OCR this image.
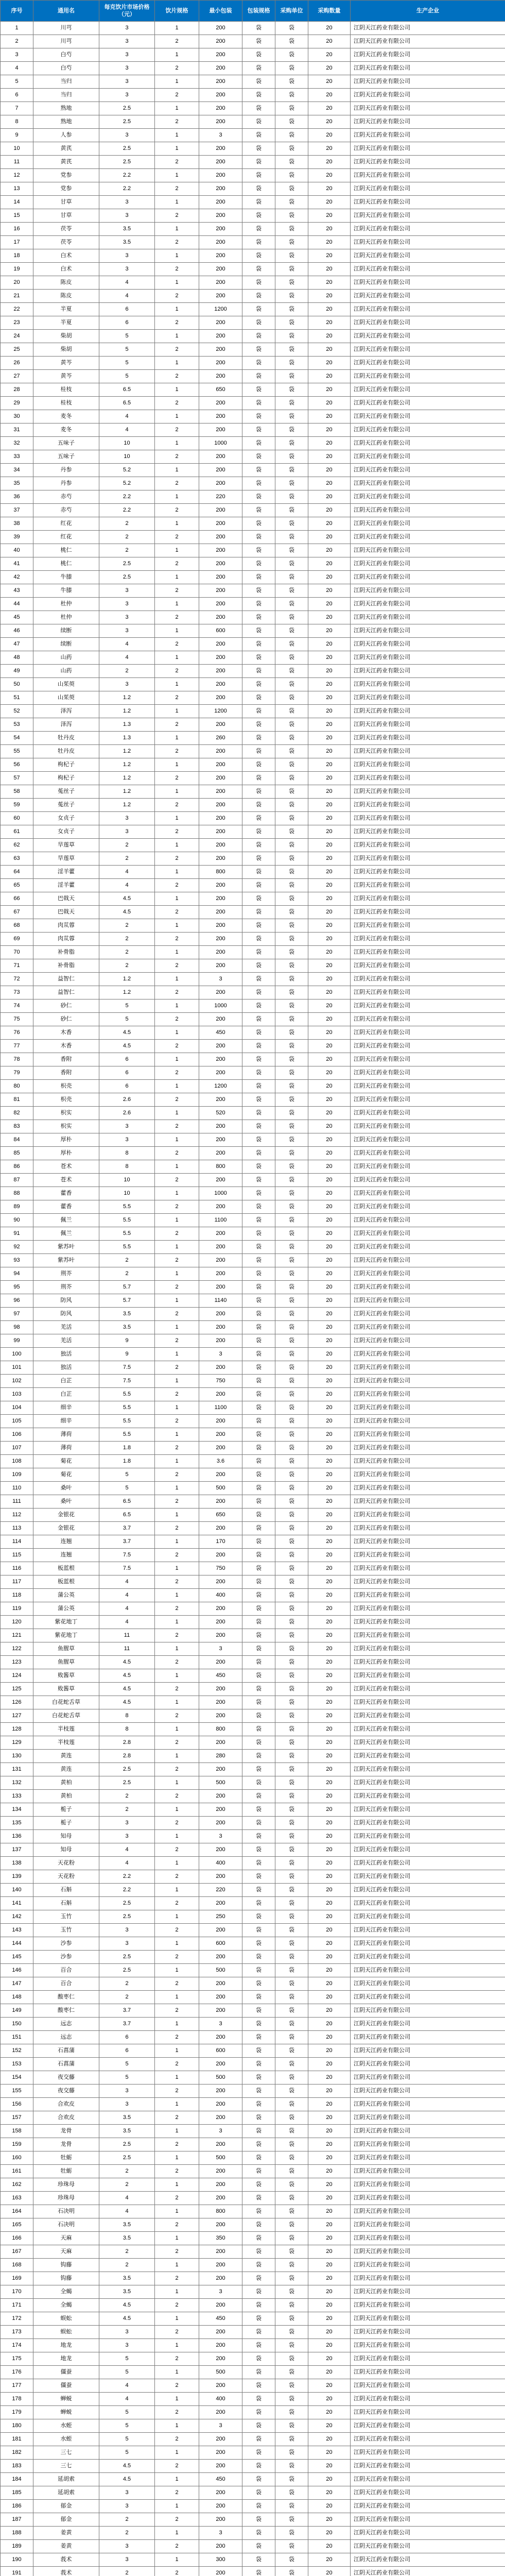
序号	通用名	每克饮片市场价格（元）	饮片规格	最小包装	包装规格	采购单位	采购数量	生产企业
1	川芎	3	1	200	袋	袋	20	江阴天江药业有限公司
2	川芎	3	2	200	袋	袋	20	江阴天江药业有限公司
3	白芍	3	1	200	袋	袋	20	江阴天江药业有限公司
4	白芍	3	2	200	袋	袋	20	江阴天江药业有限公司
5	当归	3	1	200	袋	袋	20	江阴天江药业有限公司
6	当归	3	2	200	袋	袋	20	江阴天江药业有限公司
7	熟地	2.5	1	200	袋	袋	20	江阴天江药业有限公司
8	熟地	2.5	2	200	袋	袋	20	江阴天江药业有限公司
9	人参	3	1	3	袋	袋	20	江阴天江药业有限公司
10	黄芪	2.5	1	200	袋	袋	20	江阴天江药业有限公司
11	黄芪	2.5	2	200	袋	袋	20	江阴天江药业有限公司
12	党参	2.2	1	200	袋	袋	20	江阴天江药业有限公司
13	党参	2.2	2	200	袋	袋	20	江阴天江药业有限公司
14	甘草	3	1	200	袋	袋	20	江阴天江药业有限公司
15	甘草	3	2	200	袋	袋	20	江阴天江药业有限公司
16	茯苓	3.5	1	200	袋	袋	20	江阴天江药业有限公司
17	茯苓	3.5	2	200	袋	袋	20	江阴天江药业有限公司
18	白术	3	1	200	袋	袋	20	江阴天江药业有限公司
19	白术	3	2	200	袋	袋	20	江阴天江药业有限公司
20	陈皮	4	1	200	袋	袋	20	江阴天江药业有限公司
21	陈皮	4	2	200	袋	袋	20	江阴天江药业有限公司
22	半夏	6	1	1200	袋	袋	20	江阴天江药业有限公司
23	半夏	6	2	200	袋	袋	20	江阴天江药业有限公司
24	柴胡	5	1	200	袋	袋	20	江阴天江药业有限公司
25	柴胡	5	2	200	袋	袋	20	江阴天江药业有限公司
26	黄芩	5	1	200	袋	袋	20	江阴天江药业有限公司
27	黄芩	5	2	200	袋	袋	20	江阴天江药业有限公司
28	桂枝	6.5	1	650	袋	袋	20	江阴天江药业有限公司
29	桂枝	6.5	2	200	袋	袋	20	江阴天江药业有限公司
30	麦冬	4	1	200	袋	袋	20	江阴天江药业有限公司
31	麦冬	4	2	200	袋	袋	20	江阴天江药业有限公司
32	五味子	10	1	1000	袋	袋	20	江阴天江药业有限公司
33	五味子	10	2	200	袋	袋	20	江阴天江药业有限公司
34	丹参	5.2	1	200	袋	袋	20	江阴天江药业有限公司
35	丹参	5.2	2	200	袋	袋	20	江阴天江药业有限公司
36	赤芍	2.2	1	220	袋	袋	20	江阴天江药业有限公司
37	赤芍	2.2	2	200	袋	袋	20	江阴天江药业有限公司
38	红花	2	1	200	袋	袋	20	江阴天江药业有限公司
39	红花	2	2	200	袋	袋	20	江阴天江药业有限公司
40	桃仁	2	1	200	袋	袋	20	江阴天江药业有限公司
41	桃仁	2.5	2	200	袋	袋	20	江阴天江药业有限公司
42	牛膝	2.5	1	200	袋	袋	20	江阴天江药业有限公司
43	牛膝	3	2	200	袋	袋	20	江阴天江药业有限公司
44	杜仲	3	1	200	袋	袋	20	江阴天江药业有限公司
45	杜仲	3	2	200	袋	袋	20	江阴天江药业有限公司
46	续断	3	1	600	袋	袋	20	江阴天江药业有限公司
47	续断	4	2	200	袋	袋	20	江阴天江药业有限公司
48	山药	4	1	200	袋	袋	20	江阴天江药业有限公司
49	山药	2	2	200	袋	袋	20	江阴天江药业有限公司
50	山茱萸	3	1	200	袋	袋	20	江阴天江药业有限公司
51	山茱萸	1.2	2	200	袋	袋	20	江阴天江药业有限公司
52	泽泻	1.2	1	1200	袋	袋	20	江阴天江药业有限公司
53	泽泻	1.3	2	200	袋	袋	20	江阴天江药业有限公司
54	牡丹皮	1.3	1	260	袋	袋	20	江阴天江药业有限公司
55	牡丹皮	1.2	2	200	袋	袋	20	江阴天江药业有限公司
56	枸杞子	1.2	1	200	袋	袋	20	江阴天江药业有限公司
57	枸杞子	1.2	2	200	袋	袋	20	江阴天江药业有限公司
58	菟丝子	1.2	1	200	袋	袋	20	江阴天江药业有限公司
59	菟丝子	1.2	2	200	袋	袋	20	江阴天江药业有限公司
60	女贞子	3	1	200	袋	袋	20	江阴天江药业有限公司
61	女贞子	3	2	200	袋	袋	20	江阴天江药业有限公司
62	旱莲草	2	1	200	袋	袋	20	江阴天江药业有限公司
63	旱莲草	2	2	200	袋	袋	20	江阴天江药业有限公司
64	淫羊藿	4	1	800	袋	袋	20	江阴天江药业有限公司
65	淫羊藿	4	2	200	袋	袋	20	江阴天江药业有限公司
66	巴戟天	4.5	1	200	袋	袋	20	江阴天江药业有限公司
67	巴戟天	4.5	2	200	袋	袋	20	江阴天江药业有限公司
68	肉苁蓉	2	1	200	袋	袋	20	江阴天江药业有限公司
69	肉苁蓉	2	2	200	袋	袋	20	江阴天江药业有限公司
70	补骨脂	2	1	200	袋	袋	20	江阴天江药业有限公司
71	补骨脂	2	2	200	袋	袋	20	江阴天江药业有限公司
72	益智仁	1.2	1	3	袋	袋	20	江阴天江药业有限公司
73	益智仁	1.2	2	200	袋	袋	20	江阴天江药业有限公司
74	砂仁	5	1	1000	袋	袋	20	江阴天江药业有限公司
75	砂仁	5	2	200	袋	袋	20	江阴天江药业有限公司
76	木香	4.5	1	450	袋	袋	20	江阴天江药业有限公司
77	木香	4.5	2	200	袋	袋	20	江阴天江药业有限公司
78	香附	6	1	200	袋	袋	20	江阴天江药业有限公司
79	香附	6	2	200	袋	袋	20	江阴天江药业有限公司
80	枳壳	6	1	1200	袋	袋	20	江阴天江药业有限公司
81	枳壳	2.6	2	200	袋	袋	20	江阴天江药业有限公司
82	枳实	2.6	1	520	袋	袋	20	江阴天江药业有限公司
83	枳实	3	2	200	袋	袋	20	江阴天江药业有限公司
84	厚朴	3	1	200	袋	袋	20	江阴天江药业有限公司
85	厚朴	8	2	200	袋	袋	20	江阴天江药业有限公司
86	苍术	8	1	800	袋	袋	20	江阴天江药业有限公司
87	苍术	10	2	200	袋	袋	20	江阴天江药业有限公司
88	藿香	10	1	1000	袋	袋	20	江阴天江药业有限公司
89	藿香	5.5	2	200	袋	袋	20	江阴天江药业有限公司
90	佩兰	5.5	1	1100	袋	袋	20	江阴天江药业有限公司
91	佩兰	5.5	2	200	袋	袋	20	江阴天江药业有限公司
92	紫苏叶	5.5	1	200	袋	袋	20	江阴天江药业有限公司
93	紫苏叶	2	2	200	袋	袋	20	江阴天江药业有限公司
94	荆芥	2	1	200	袋	袋	20	江阴天江药业有限公司
95	荆芥	5.7	2	200	袋	袋	20	江阴天江药业有限公司
96	防风	5.7	1	1140	袋	袋	20	江阴天江药业有限公司
97	防风	3.5	2	200	袋	袋	20	江阴天江药业有限公司
98	羌活	3.5	1	200	袋	袋	20	江阴天江药业有限公司
99	羌活	9	2	200	袋	袋	20	江阴天江药业有限公司
100	独活	9	1	3	袋	袋	20	江阴天江药业有限公司
101	独活	7.5	2	200	袋	袋	20	江阴天江药业有限公司
102	白芷	7.5	1	750	袋	袋	20	江阴天江药业有限公司
103	白芷	5.5	2	200	袋	袋	20	江阴天江药业有限公司
104	细辛	5.5	1	1100	袋	袋	20	江阴天江药业有限公司
105	细辛	5.5	2	200	袋	袋	20	江阴天江药业有限公司
106	薄荷	5.5	1	200	袋	袋	20	江阴天江药业有限公司
107	薄荷	1.8	2	200	袋	袋	20	江阴天江药业有限公司
108	菊花	1.8	1	3.6	袋	袋	20	江阴天江药业有限公司
109	菊花	5	2	200	袋	袋	20	江阴天江药业有限公司
110	桑叶	5	1	500	袋	袋	20	江阴天江药业有限公司
111	桑叶	6.5	2	200	袋	袋	20	江阴天江药业有限公司
112	金银花	6.5	1	650	袋	袋	20	江阴天江药业有限公司
113	金银花	3.7	2	200	袋	袋	20	江阴天江药业有限公司
114	连翘	3.7	1	170	袋	袋	20	江阴天江药业有限公司
115	连翘	7.5	2	200	袋	袋	20	江阴天江药业有限公司
116	板蓝根	7.5	1	750	袋	袋	20	江阴天江药业有限公司
117	板蓝根	4	2	200	袋	袋	20	江阴天江药业有限公司
118	蒲公英	4	1	400	袋	袋	20	江阴天江药业有限公司
119	蒲公英	4	2	200	袋	袋	20	江阴天江药业有限公司
120	紫花地丁	4	1	200	袋	袋	20	江阴天江药业有限公司
121	紫花地丁	11	2	200	袋	袋	20	江阴天江药业有限公司
122	鱼腥草	11	1	3	袋	袋	20	江阴天江药业有限公司
123	鱼腥草	4.5	2	200	袋	袋	20	江阴天江药业有限公司
124	败酱草	4.5	1	450	袋	袋	20	江阴天江药业有限公司
125	败酱草	4.5	2	200	袋	袋	20	江阴天江药业有限公司
126	白花蛇舌草	4.5	1	200	袋	袋	20	江阴天江药业有限公司
127	白花蛇舌草	8	2	200	袋	袋	20	江阴天江药业有限公司
128	半枝莲	8	1	800	袋	袋	20	江阴天江药业有限公司
129	半枝莲	2.8	2	200	袋	袋	20	江阴天江药业有限公司
130	黄连	2.8	1	280	袋	袋	20	江阴天江药业有限公司
131	黄连	2.5	2	200	袋	袋	20	江阴天江药业有限公司
132	黄柏	2.5	1	500	袋	袋	20	江阴天江药业有限公司
133	黄柏	2	2	200	袋	袋	20	江阴天江药业有限公司
134	栀子	2	1	200	袋	袋	20	江阴天江药业有限公司
135	栀子	3	2	200	袋	袋	20	江阴天江药业有限公司
136	知母	3	1	3	袋	袋	20	江阴天江药业有限公司
137	知母	4	2	200	袋	袋	20	江阴天江药业有限公司
138	天花粉	4	1	400	袋	袋	20	江阴天江药业有限公司
139	天花粉	2.2	2	200	袋	袋	20	江阴天江药业有限公司
140	石斛	2.2	1	220	袋	袋	20	江阴天江药业有限公司
141	石斛	2.5	2	200	袋	袋	20	江阴天江药业有限公司
142	玉竹	2.5	1	250	袋	袋	20	江阴天江药业有限公司
143	玉竹	3	2	200	袋	袋	20	江阴天江药业有限公司
144	沙参	3	1	600	袋	袋	20	江阴天江药业有限公司
145	沙参	2.5	2	200	袋	袋	20	江阴天江药业有限公司
146	百合	2.5	1	500	袋	袋	20	江阴天江药业有限公司
147	百合	2	2	200	袋	袋	20	江阴天江药业有限公司
148	酸枣仁	2	1	200	袋	袋	20	江阴天江药业有限公司
149	酸枣仁	3.7	2	200	袋	袋	20	江阴天江药业有限公司
150	远志	3.7	1	3	袋	袋	20	江阴天江药业有限公司
151	远志	6	2	200	袋	袋	20	江阴天江药业有限公司
152	石菖蒲	6	1	600	袋	袋	20	江阴天江药业有限公司
153	石菖蒲	5	2	200	袋	袋	20	江阴天江药业有限公司
154	夜交藤	5	1	500	袋	袋	20	江阴天江药业有限公司
155	夜交藤	3	2	200	袋	袋	20	江阴天江药业有限公司
156	合欢皮	3	1	200	袋	袋	20	江阴天江药业有限公司
157	合欢皮	3.5	2	200	袋	袋	20	江阴天江药业有限公司
158	龙骨	3.5	1	3	袋	袋	20	江阴天江药业有限公司
159	龙骨	2.5	2	200	袋	袋	20	江阴天江药业有限公司
160	牡蛎	2.5	1	500	袋	袋	20	江阴天江药业有限公司
161	牡蛎	2	2	200	袋	袋	20	江阴天江药业有限公司
162	珍珠母	2	1	200	袋	袋	20	江阴天江药业有限公司
163	珍珠母	4	2	200	袋	袋	20	江阴天江药业有限公司
164	石决明	4	1	800	袋	袋	20	江阴天江药业有限公司
165	石决明	3.5	2	200	袋	袋	20	江阴天江药业有限公司
166	天麻	3.5	1	350	袋	袋	20	江阴天江药业有限公司
167	天麻	2	2	200	袋	袋	20	江阴天江药业有限公司
168	钩藤	2	1	200	袋	袋	20	江阴天江药业有限公司
169	钩藤	3.5	2	200	袋	袋	20	江阴天江药业有限公司
170	全蝎	3.5	1	3	袋	袋	20	江阴天江药业有限公司
171	全蝎	4.5	2	200	袋	袋	20	江阴天江药业有限公司
172	蜈蚣	4.5	1	450	袋	袋	20	江阴天江药业有限公司
173	蜈蚣	3	2	200	袋	袋	20	江阴天江药业有限公司
174	地龙	3	1	200	袋	袋	20	江阴天江药业有限公司
175	地龙	5	2	200	袋	袋	20	江阴天江药业有限公司
176	僵蚕	5	1	500	袋	袋	20	江阴天江药业有限公司
177	僵蚕	4	2	200	袋	袋	20	江阴天江药业有限公司
178	蝉蜕	4	1	400	袋	袋	20	江阴天江药业有限公司
179	蝉蜕	5	2	200	袋	袋	20	江阴天江药业有限公司
180	水蛭	5	1	3	袋	袋	20	江阴天江药业有限公司
181	水蛭	5	2	200	袋	袋	20	江阴天江药业有限公司
182	三七	5	1	200	袋	袋	20	江阴天江药业有限公司
183	三七	4.5	2	200	袋	袋	20	江阴天江药业有限公司
184	延胡索	4.5	1	450	袋	袋	20	江阴天江药业有限公司
185	延胡索	3	2	200	袋	袋	20	江阴天江药业有限公司
186	郁金	3	1	200	袋	袋	20	江阴天江药业有限公司
187	郁金	2	2	200	袋	袋	20	江阴天江药业有限公司
188	姜黄	2	1	3	袋	袋	20	江阴天江药业有限公司
189	姜黄	3	2	200	袋	袋	20	江阴天江药业有限公司
190	莪术	3	1	300	袋	袋	20	江阴天江药业有限公司
191	莪术	2	2	200	袋	袋	20	江阴天江药业有限公司
